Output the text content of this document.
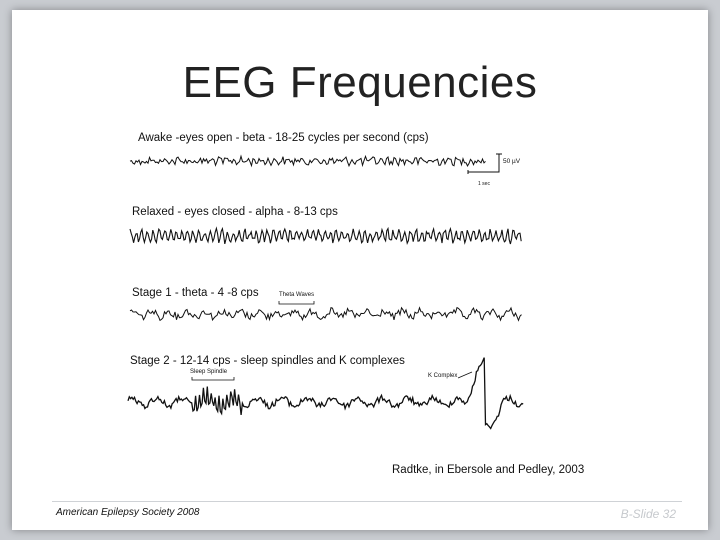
EEG Frequencies
Awake -eyes open - beta - 18-25 cycles per second (cps)
Relaxed - eyes closed - alpha - 8-13 cps
Stage 1 - theta - 4 -8 cps	Theta Waves
Stage 2 - 12-14 cps - sleep spindles and K complexes
Sleep Spindle
K Complex
50 µV
1 sec
Radtke, in Ebersole and Pedley, 2003
American Epilepsy Society 2008	B-Slide 32
